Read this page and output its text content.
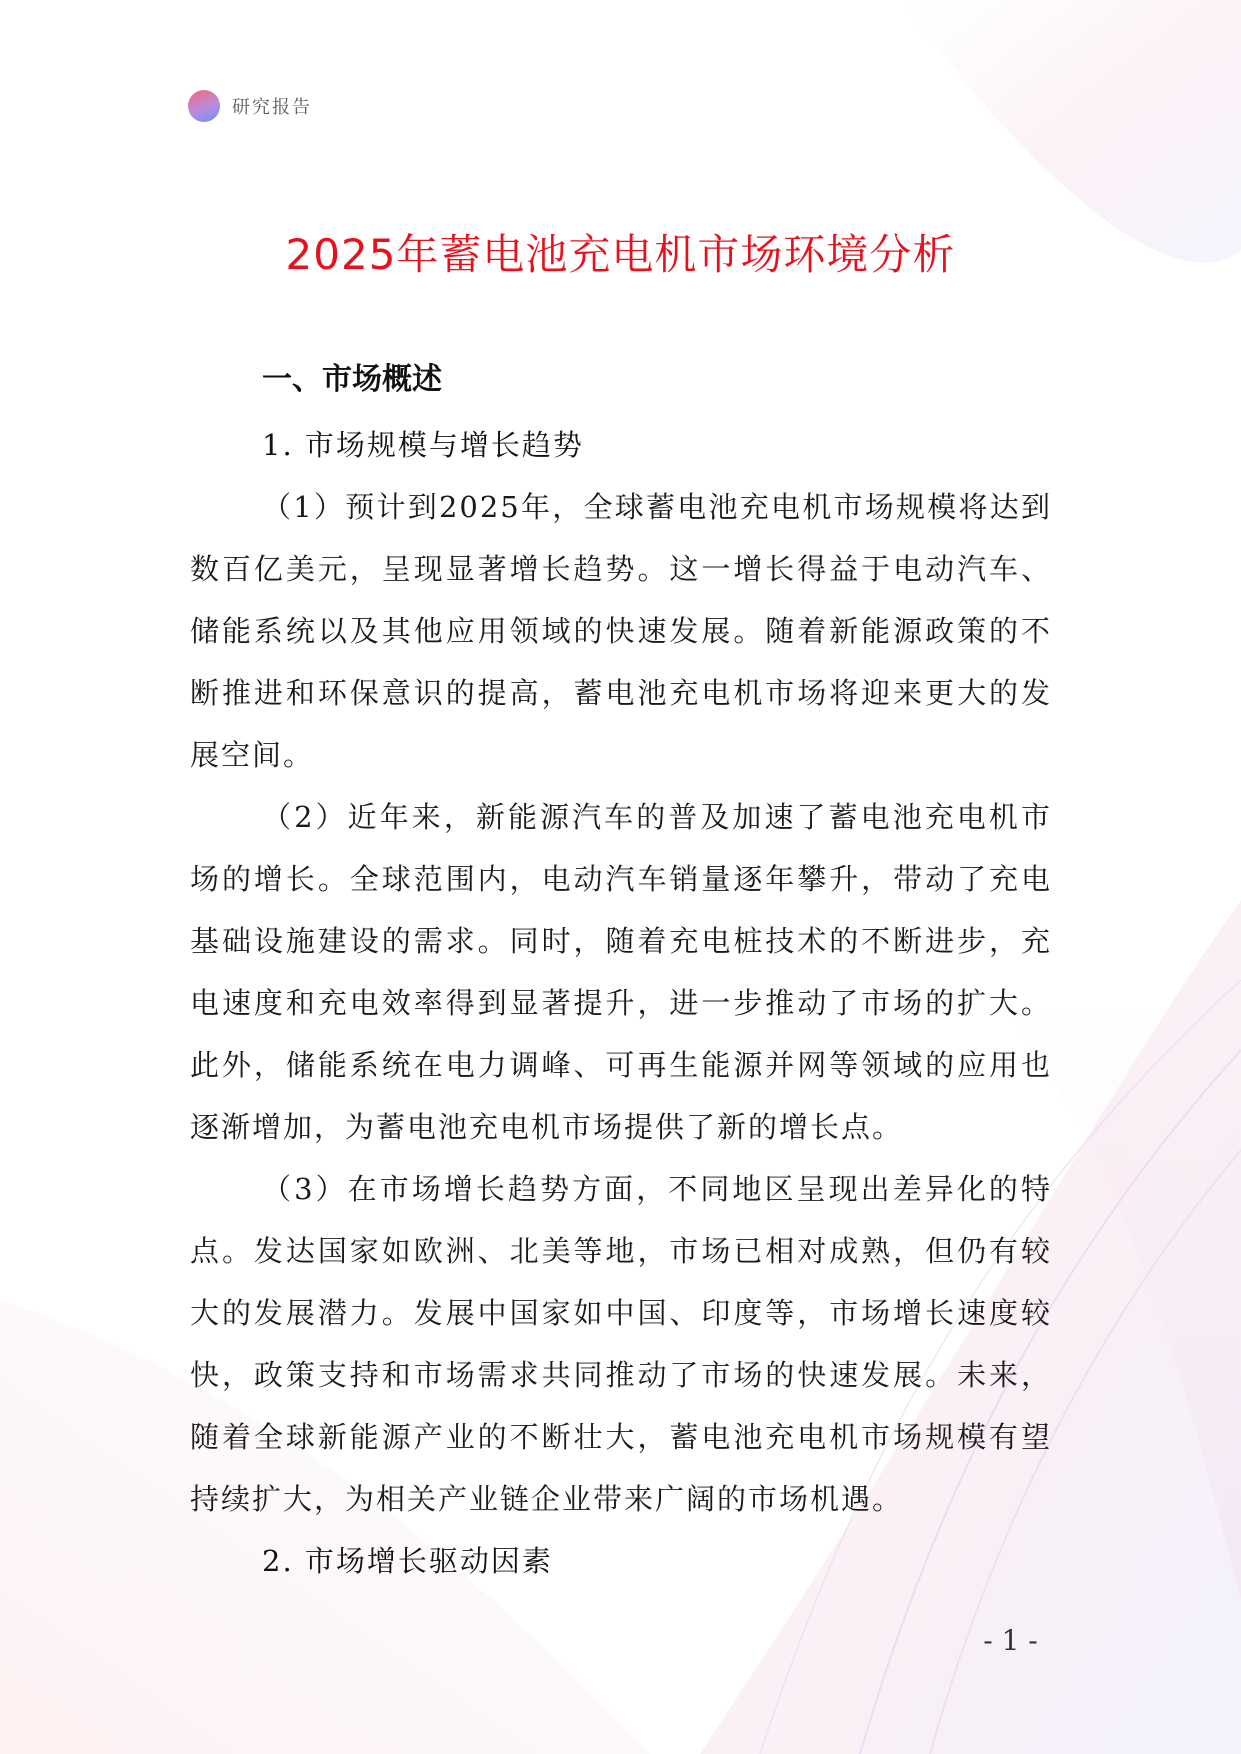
研究报告
2025年蓄电池充电机市场环境分析

一、市场概述

1. 市场规模与增长趋势

（1）预计到2025年，全球蓄电池充电机市场规模将达到数百亿美元，呈现显著增长趋势。这一增长得益于电动汽车、储能系统以及其他应用领域的快速发展。随着新能源政策的不断推进和环保意识的提高，蓄电池充电机市场将迎来更大的发展空间。

（2）近年来，新能源汽车的普及加速了蓄电池充电机市场的增长。全球范围内，电动汽车销量逐年攀升，带动了充电基础设施建设的需求。同时，随着充电桩技术的不断进步，充电速度和充电效率得到显著提升，进一步推动了市场的扩大。此外，储能系统在电力调峰、可再生能源并网等领域的应用也逐渐增加，为蓄电池充电机市场提供了新的增长点。

（3）在市场增长趋势方面，不同地区呈现出差异化的特点。发达国家如欧洲、北美等地，市场已相对成熟，但仍有较大的发展潜力。发展中国家如中国、印度等，市场增长速度较快，政策支持和市场需求共同推动了市场的快速发展。未来，随着全球新能源产业的不断壮大，蓄电池充电机市场规模有望持续扩大，为相关产业链企业带来广阔的市场机遇。

2. 市场增长驱动因素

- 1 -
